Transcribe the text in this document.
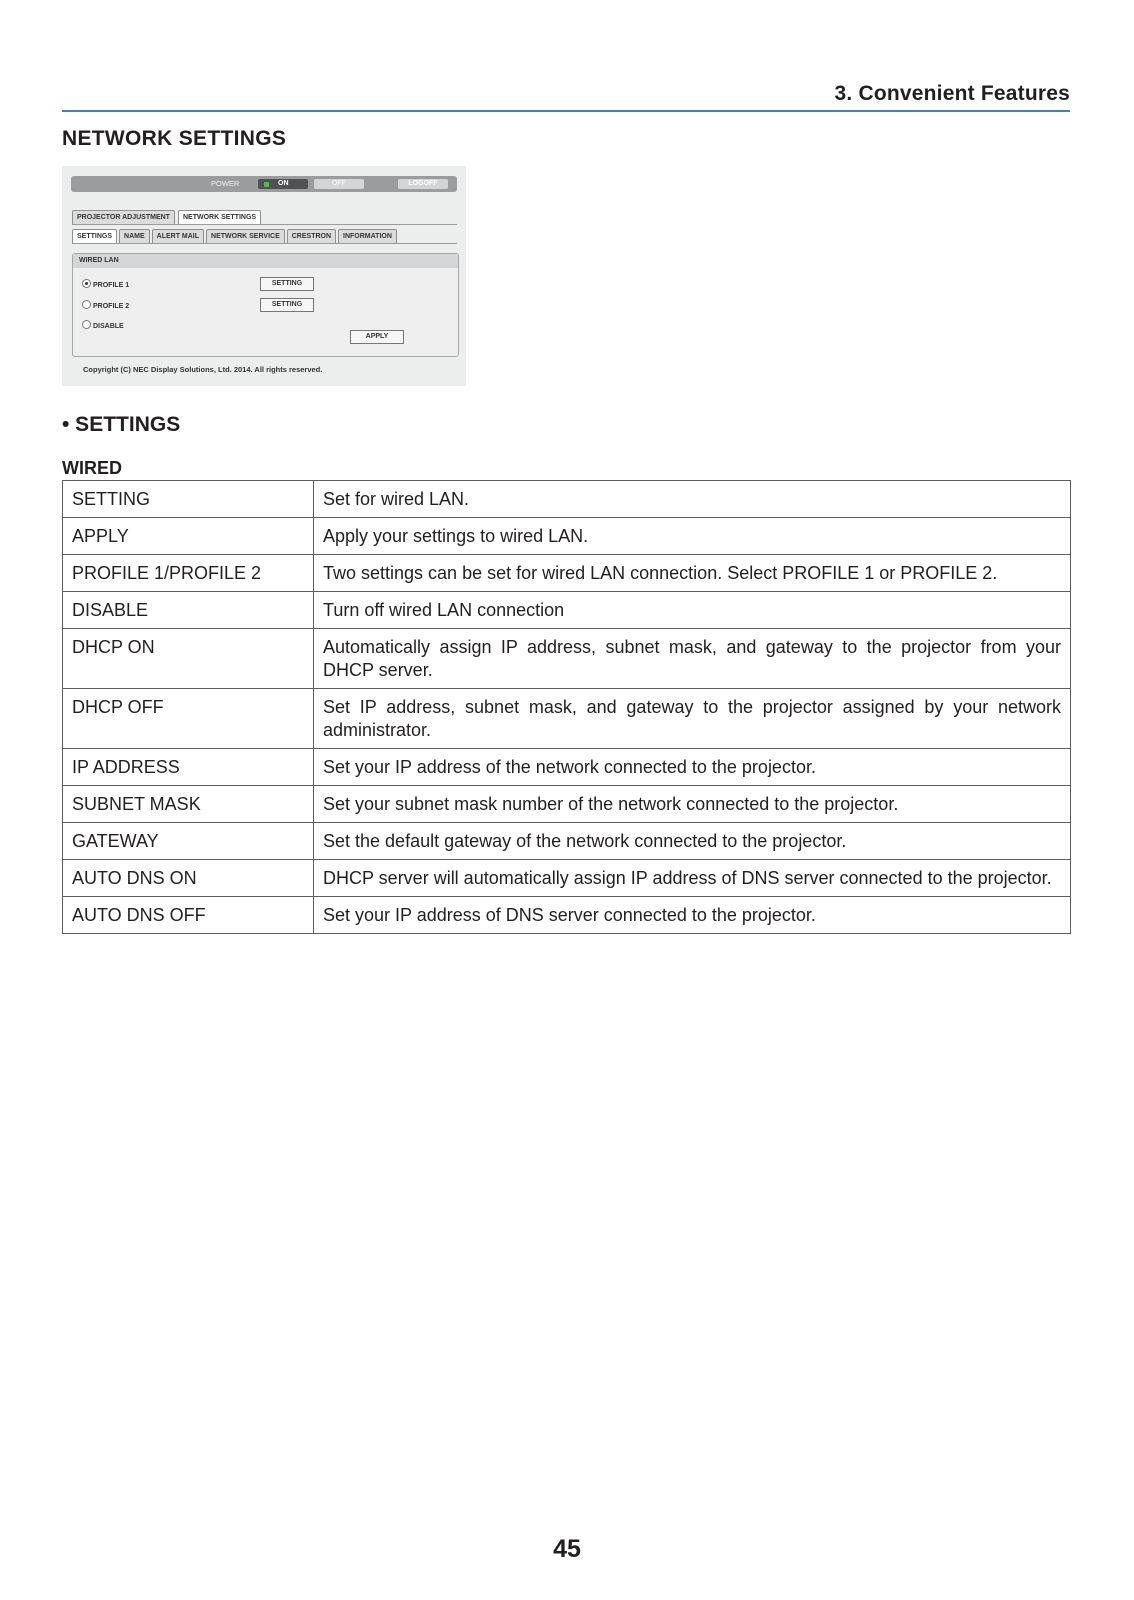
3. Convenient Features
NETWORK SETTINGS
POWER	ON	OFF	LOGOFF
PROJECTOR ADJUSTMENT	NETWORK SETTINGS
SETTINGS	NAME	ALERT MAIL	NETWORK SERVICE	CRESTRON	INFORMATION
WIRED LAN
PROFILE 1
PROFILE 2
DISABLE
SETTING
SETTING
APPLY
Copyright (C) NEC Display Solutions, Ltd. 2014. All rights reserved.
• SETTINGS
WIRED
SETTING	Set for wired LAN.
APPLY	Apply your settings to wired LAN.
PROFILE 1/PROFILE 2	Two settings can be set for wired LAN connection. Select PROFILE 1 or PROFILE 2.
DISABLE	Turn off wired LAN connection
DHCP ON	Automatically assign IP address, subnet mask, and gateway to the projector from your DHCP server.
DHCP OFF	Set IP address, subnet mask, and gateway to the projector assigned by your network administrator.
IP ADDRESS	Set your IP address of the network connected to the projector.
SUBNET MASK	Set your subnet mask number of the network connected to the projector.
GATEWAY	Set the default gateway of the network connected to the projector.
AUTO DNS ON	DHCP server will automatically assign IP address of DNS server connected to the projector.
AUTO DNS OFF	Set your IP address of DNS server connected to the projector.
45
